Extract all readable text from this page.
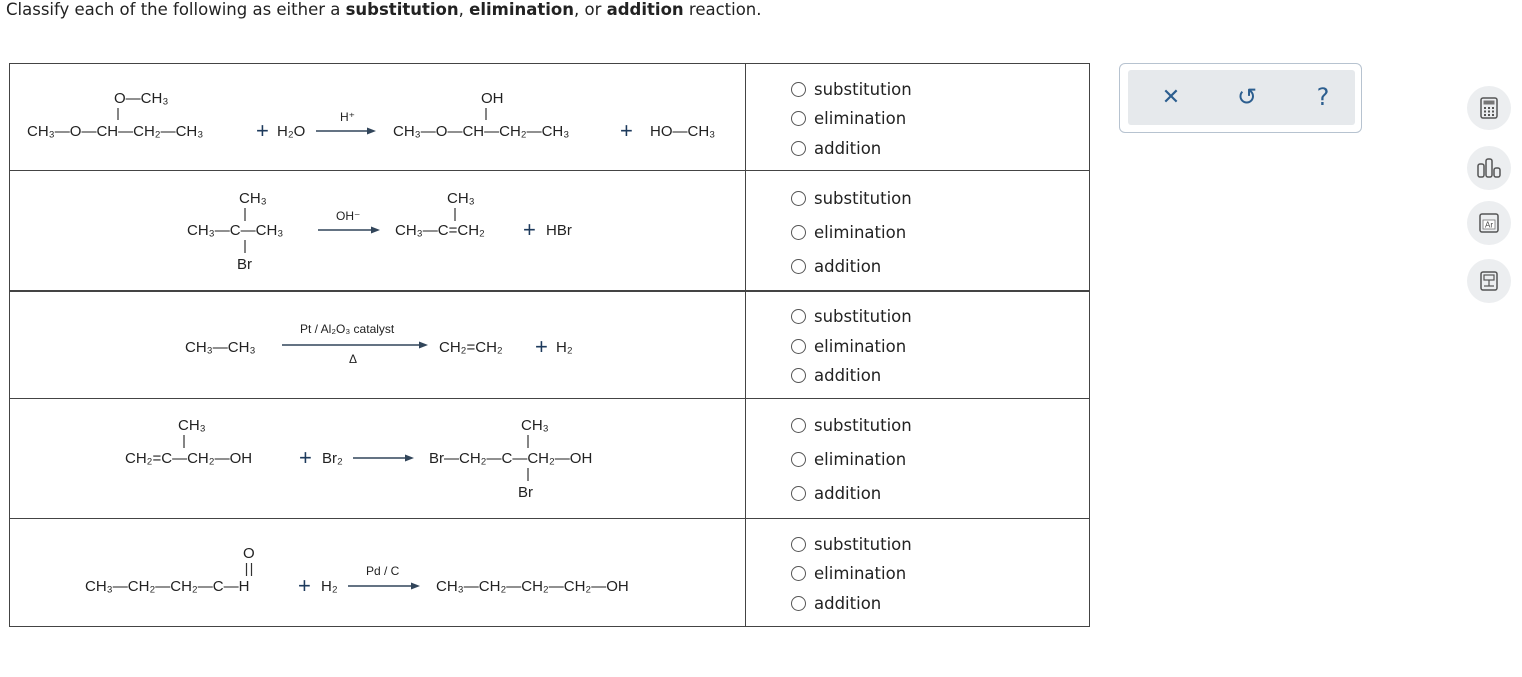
Classify each of the following as either a substitution, elimination, or addition reaction.
O—CH₃
CH₃—O—CH—CH₂—CH₃ + H₂O
H⁺
OH
CH₃—O—CH—CH₂—CH₃ + HO—CH₃
substitution
elimination
addition
CH₃
CH₃—C—CH₃
Br
OH⁻
CH₃
CH₃—C=CH₂ + HBr
substitution
elimination
addition
CH₃—CH₃
Pt / Al₂O₃ catalyst
Δ
CH₂=CH₂ + H₂
substitution
elimination
addition
CH₃
CH₂=C—CH₂—OH + Br₂
CH₃
Br—CH₂—C—CH₂—OH
Br
substitution
elimination
addition
O
CH₃—CH₂—CH₂—C—H + H₂
Pd / C
CH₃—CH₂—CH₂—CH₂—OH
substitution
elimination
addition
✕ ↺ ?
Ar
